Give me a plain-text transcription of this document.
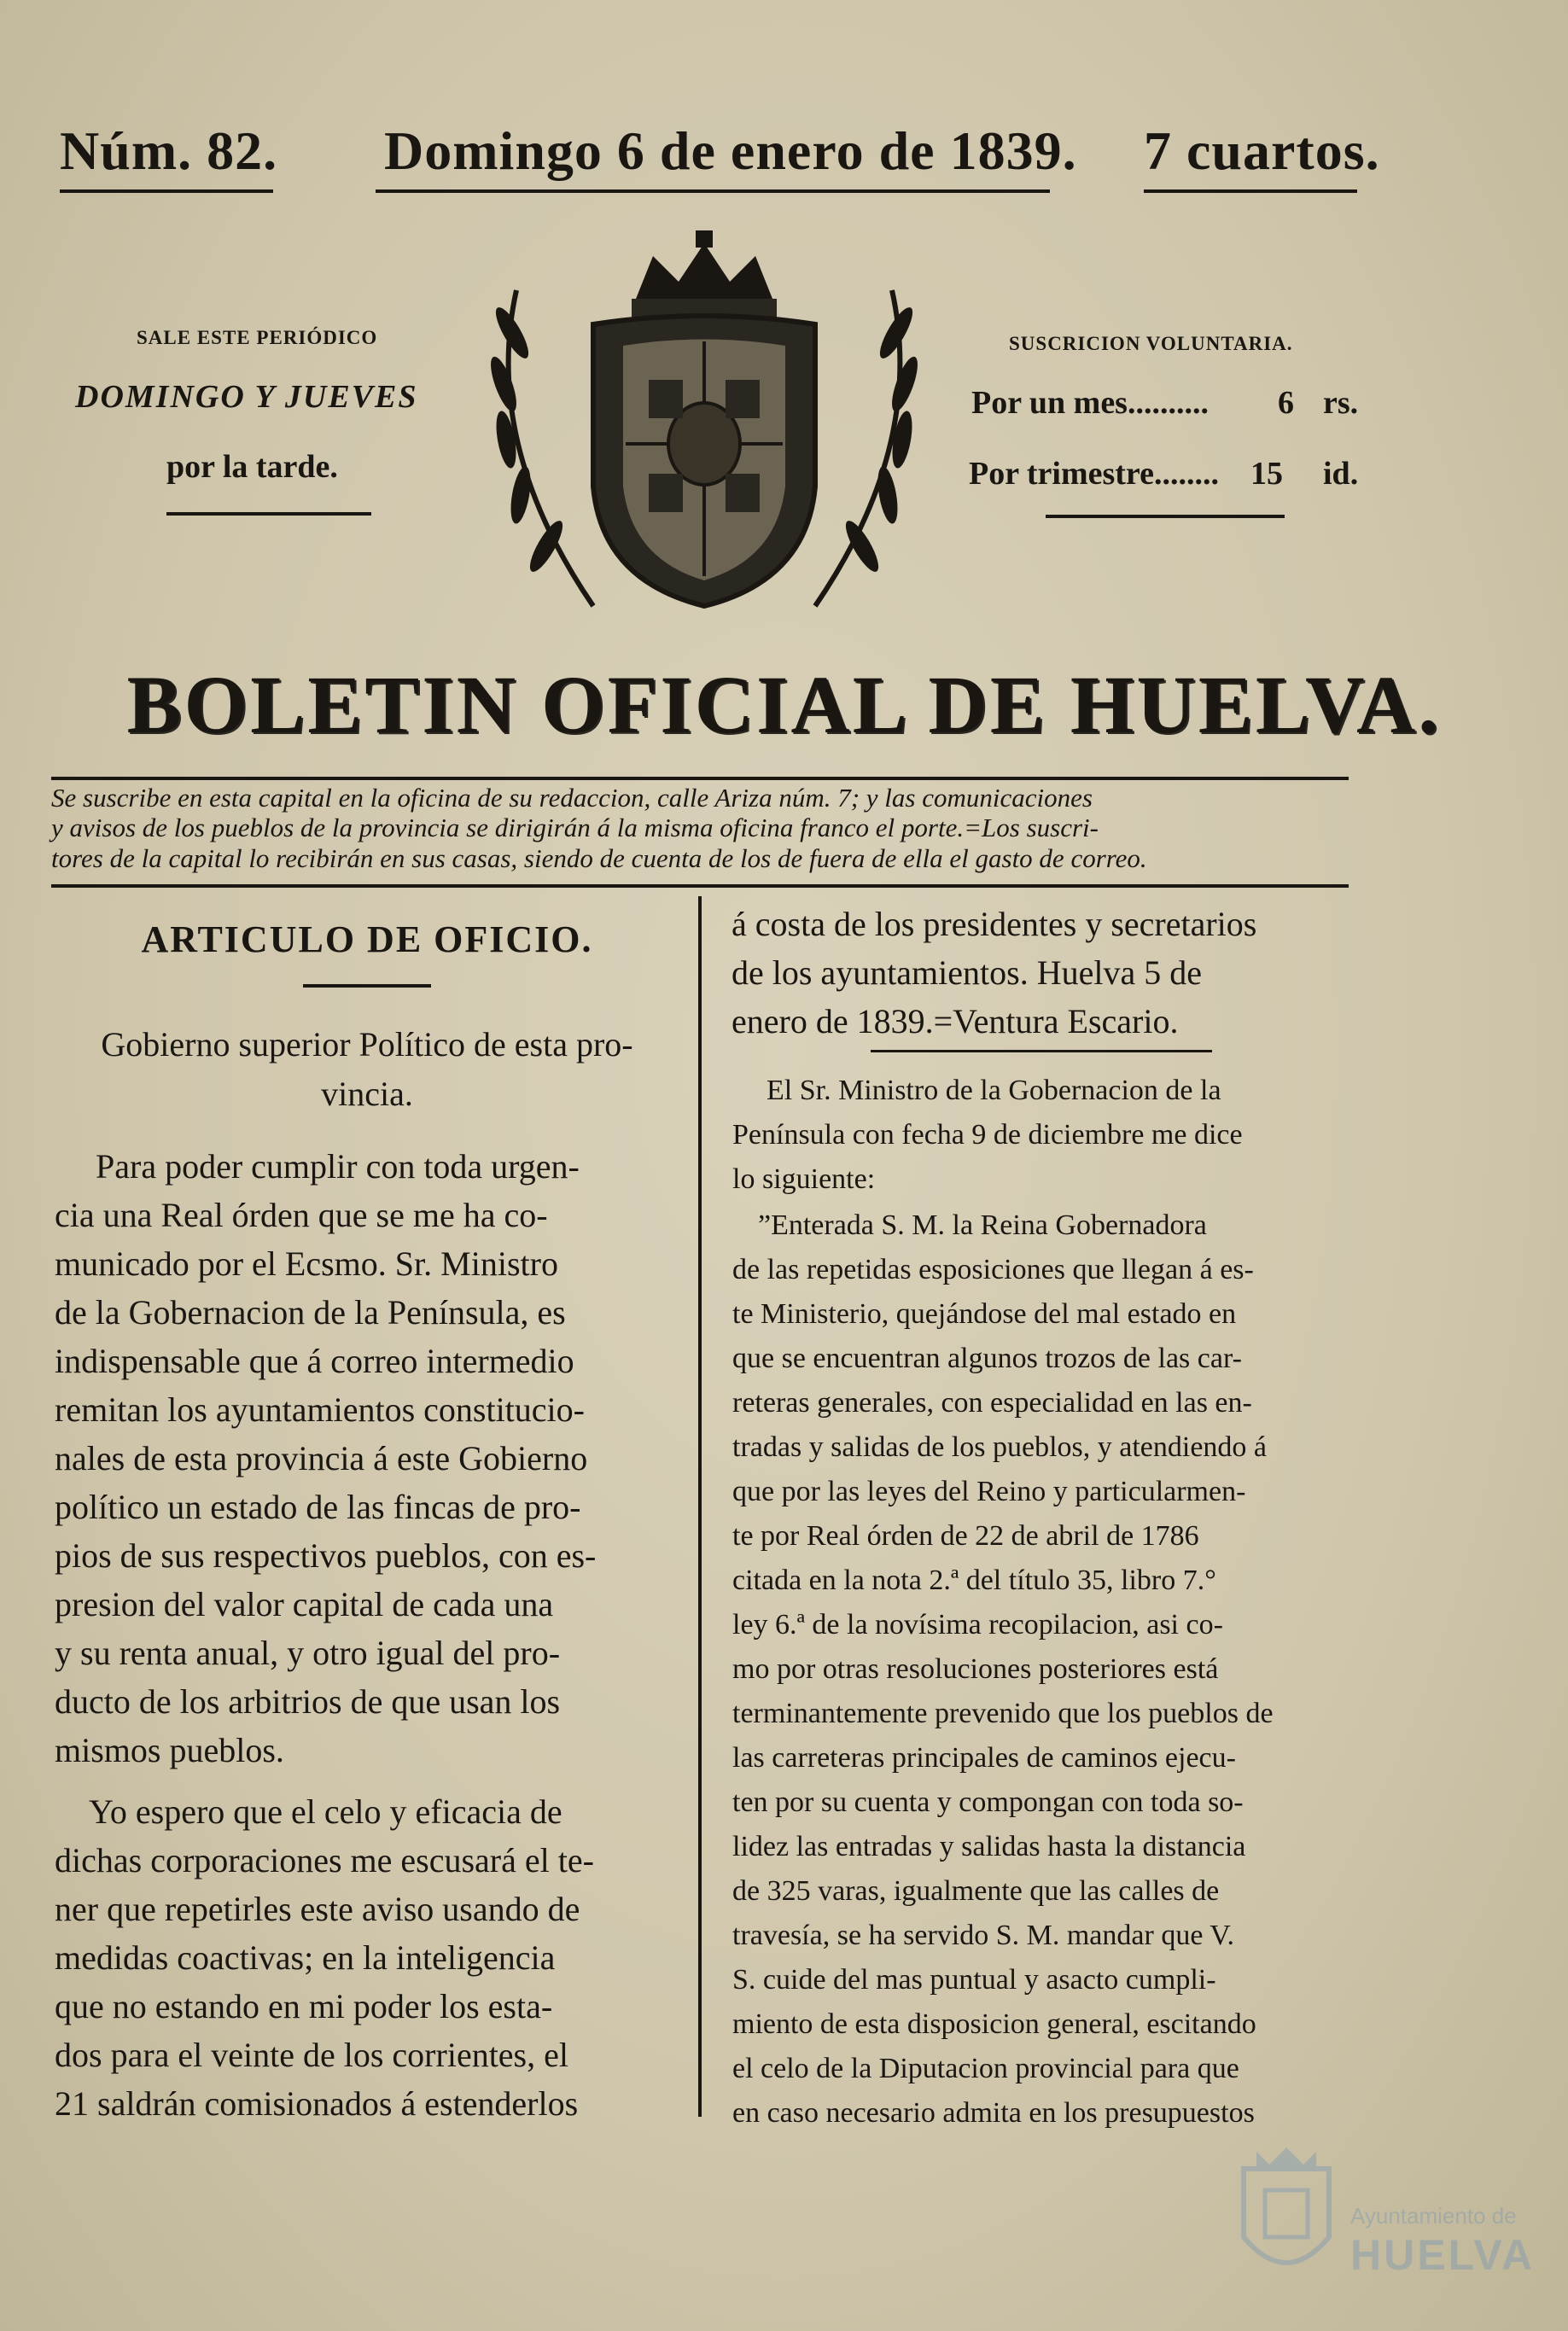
Núm. 82. Domingo 6 de enero de 1839. 7 cuartos.
SALE ESTE PERIÓDICO
DOMINGO Y JUEVES
por la tarde.
SUSCRICION VOLUNTARIA.
Por un mes.......... 6 rs.
Por trimestre........ 15 id.
BOLETIN OFICIAL DE HUELVA.
Se suscribe en esta capital en la oficina de su redaccion, calle Ariza núm. 7; y las comunicaciones
y avisos de los pueblos de la provincia se dirigirán á la misma oficina franco el porte.=Los suscri-
tores de la capital lo recibirán en sus casas, siendo de cuenta de los de fuera de ella el gasto de correo.
ARTICULO DE OFICIO.
Gobierno superior Político de esta pro-
vincia.
Para poder cumplir con toda urgen-
cia una Real órden que se me ha co-
municado por el Ecsmo. Sr. Ministro
de la Gobernacion de la Península, es
indispensable que á correo intermedio
remitan los ayuntamientos constitucio-
nales de esta provincia á este Gobierno
político un estado de las fincas de pro-
pios de sus respectivos pueblos, con es-
presion del valor capital de cada una
y su renta anual, y otro igual del pro-
ducto de los arbitrios de que usan los
mismos pueblos.
Yo espero que el celo y eficacia de
dichas corporaciones me escusará el te-
ner que repetirles este aviso usando de
medidas coactivas; en la inteligencia
que no estando en mi poder los esta-
dos para el veinte de los corrientes, el
21 saldrán comisionados á estenderlos
á costa de los presidentes y secretarios
de los ayuntamientos. Huelva 5 de
enero de 1839.=Ventura Escario.
El Sr. Ministro de la Gobernacion de la
Península con fecha 9 de diciembre me dice
lo siguiente:
”Enterada S. M. la Reina Gobernadora
de las repetidas esposiciones que llegan á es-
te Ministerio, quejándose del mal estado en
que se encuentran algunos trozos de las car-
reteras generales, con especialidad en las en-
tradas y salidas de los pueblos, y atendiendo á
que por las leyes del Reino y particularmen-
te por Real órden de 22 de abril de 1786
citada en la nota 2.ª del título 35, libro 7.°
ley 6.ª de la novísima recopilacion, asi co-
mo por otras resoluciones posteriores está
terminantemente prevenido que los pueblos de
las carreteras principales de caminos ejecu-
ten por su cuenta y compongan con toda so-
lidez las entradas y salidas hasta la distancia
de 325 varas, igualmente que las calles de
travesía, se ha servido S. M. mandar que V.
S. cuide del mas puntual y asacto cumpli-
miento de esta disposicion general, escitando
el celo de la Diputacion provincial para que
en caso necesario admita en los presupuestos
Ayuntamiento de
HUELVA
